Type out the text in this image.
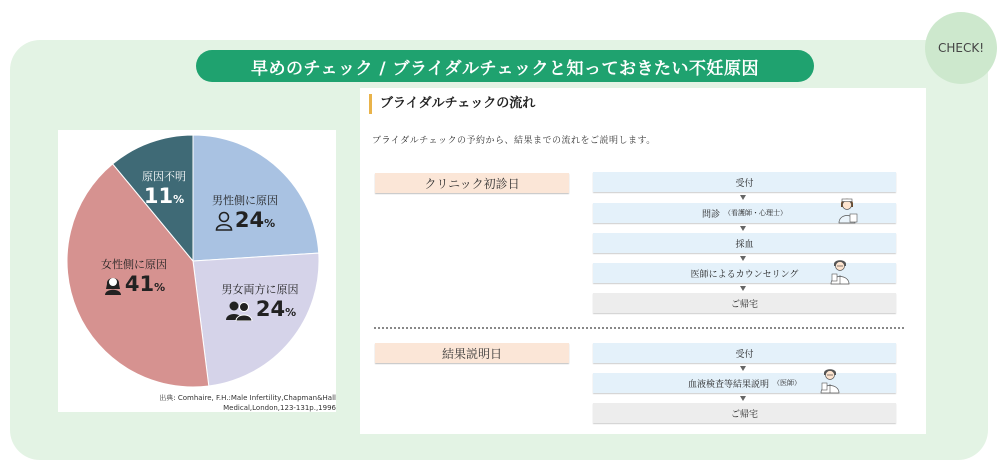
CHECK!
早めのチェック / ブライダルチェックと知っておきたい不妊原因
男性側に原因
24%
男女両方に原因
24%
女性側に原因
41%
原因不明
11%
出典: Comhaire, F.H.:Male Infertility,Chapman&Hall
Medical,London,123-131p.,1996
ブライダルチェックの流れ
ブライダルチェックの予約から、結果までの流れをご説明します。
クリニック初診日	受付
問診 （看護師・心理士）
採血
医師によるカウンセリング
ご帰宅
結果説明日	受付
血液検査等結果説明 （医師）
ご帰宅
